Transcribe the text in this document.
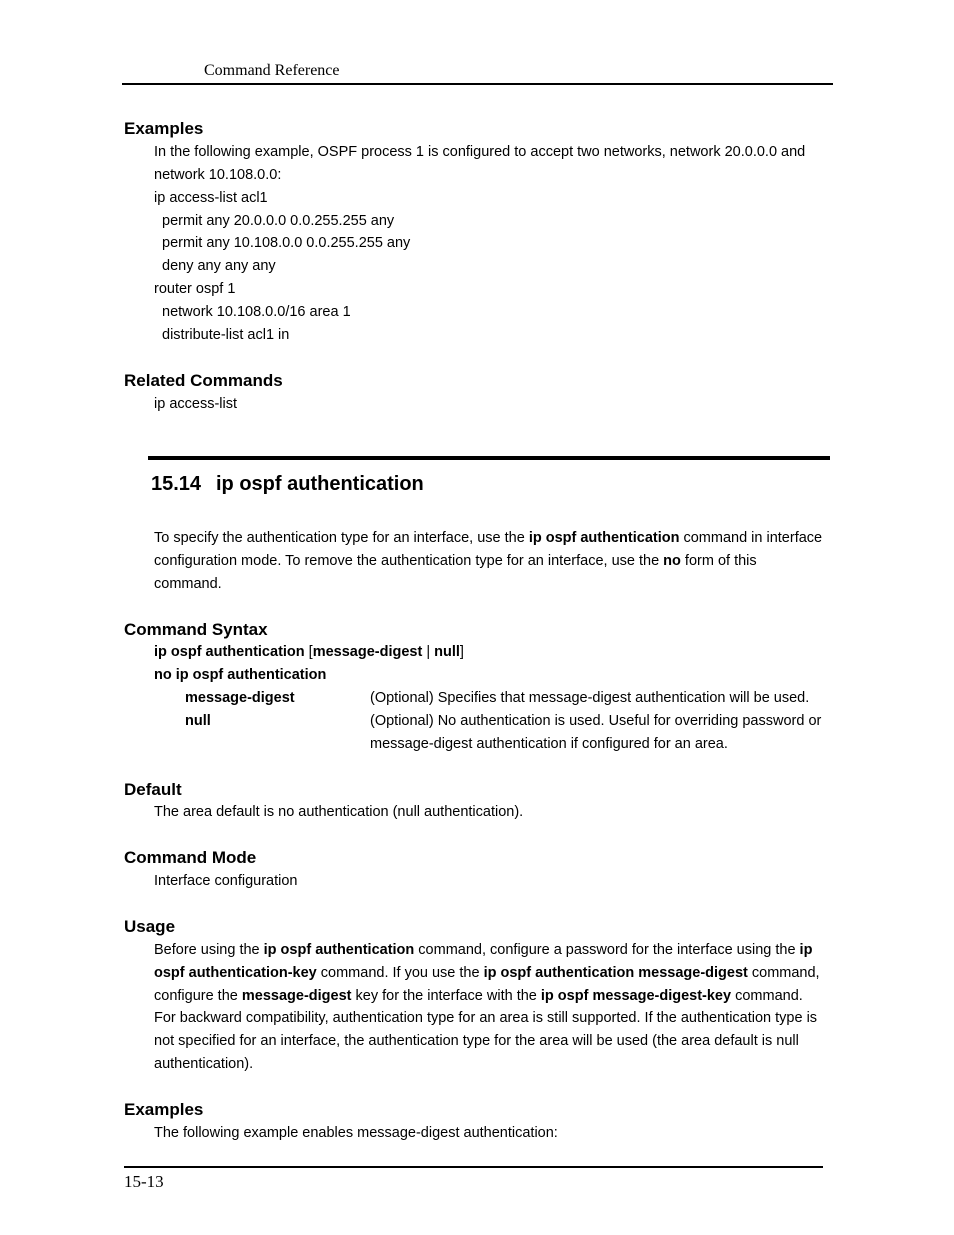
Command Reference
Examples
In the following example, OSPF process 1 is configured to accept two networks, network 20.0.0.0 and
network 10.108.0.0:
ip access-list acl1
permit any 20.0.0.0 0.0.255.255 any
permit any 10.108.0.0 0.0.255.255 any
deny any any any
router ospf 1
network 10.108.0.0/16 area 1
distribute-list acl1 in
Related Commands
ip access-list
15.14 ip ospf authentication
To specify the authentication type for an interface, use the ip ospf authentication command in interface
configuration mode. To remove the authentication type for an interface, use the no form of this
command.
Command Syntax
ip ospf authentication [message-digest | null]
no ip ospf authentication
message-digest	(Optional) Specifies that message-digest authentication will be used.
null	(Optional) No authentication is used. Useful for overriding password or
message-digest authentication if configured for an area.
Default
The area default is no authentication (null authentication).
Command Mode
Interface configuration
Usage
Before using the ip ospf authentication command, configure a password for the interface using the ip
ospf authentication-key command. If you use the ip ospf authentication message-digest command,
configure the message-digest key for the interface with the ip ospf message-digest-key command.
For backward compatibility, authentication type for an area is still supported. If the authentication type is
not specified for an interface, the authentication type for the area will be used (the area default is null
authentication).
Examples
The following example enables message-digest authentication:
15-13
